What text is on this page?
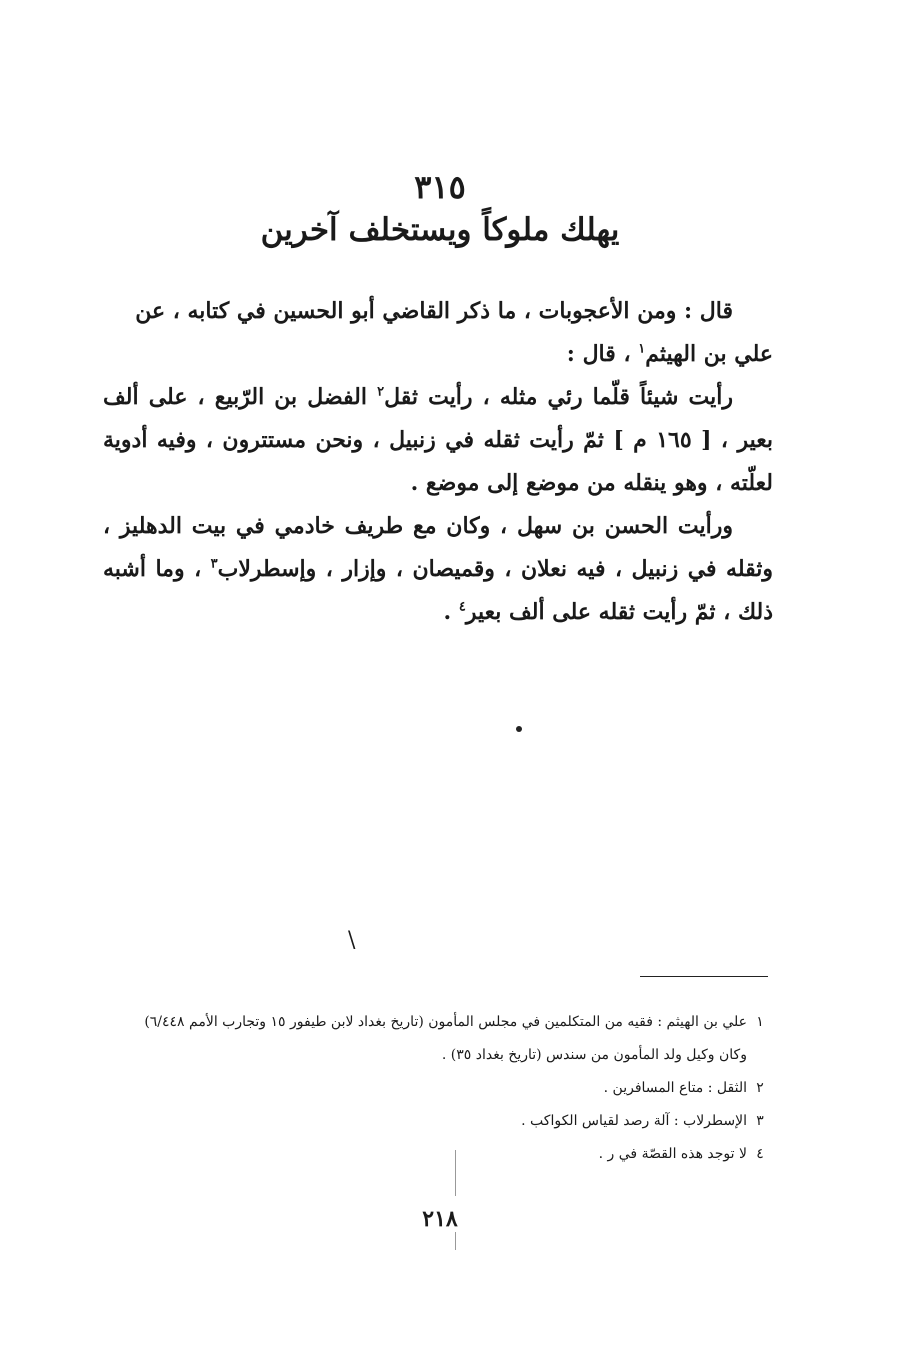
٣١٥
يهلك ملوكاً ويستخلف آخرين

قال : ومن الأعجوبات ، ما ذكر القاضي أبو الحسين في كتابه ، عن

علي بن الهيثم$^١$ ، قال :

رأيت شيئاً قلّما رئي مثله ، رأيت ثقل$^٢$ الفضل بن الرّبيع ، على ألف بعير ، [ ١٦٥ م ] ثمّ رأيت ثقله في زنبيل ، ونحن مستترون ، وفيه أدوية لعلّته ، وهو ينقله من موضع إلى موضع .

ورأيت الحسن بن سهل ، وكان مع طريف خادمي في بيت الدهليز ، وثقله في زنبيل ، فيه نعلان ، وقميصان ، وإزار ، وإسطرلاب$^٣$ ، وما أشبه ذلك ، ثمّ رأيت ثقله على ألف بعير$^٤$ .

\
١
علي بن الهيثم : فقيه من المتكلمين في مجلس المأمون (تاريخ بغداد لابن طيفور ١٥ وتجارب الأمم ٦/٤٤٨)
وكان وكيل ولد المأمون من سندس (تاريخ بغداد ٣٥) .
٢
الثقل : متاع المسافرين .
٣
الإسطرلاب : آلة رصد لقياس الكواكب .
٤
لا توجد هذه القصّة في ر .
٢١٨
